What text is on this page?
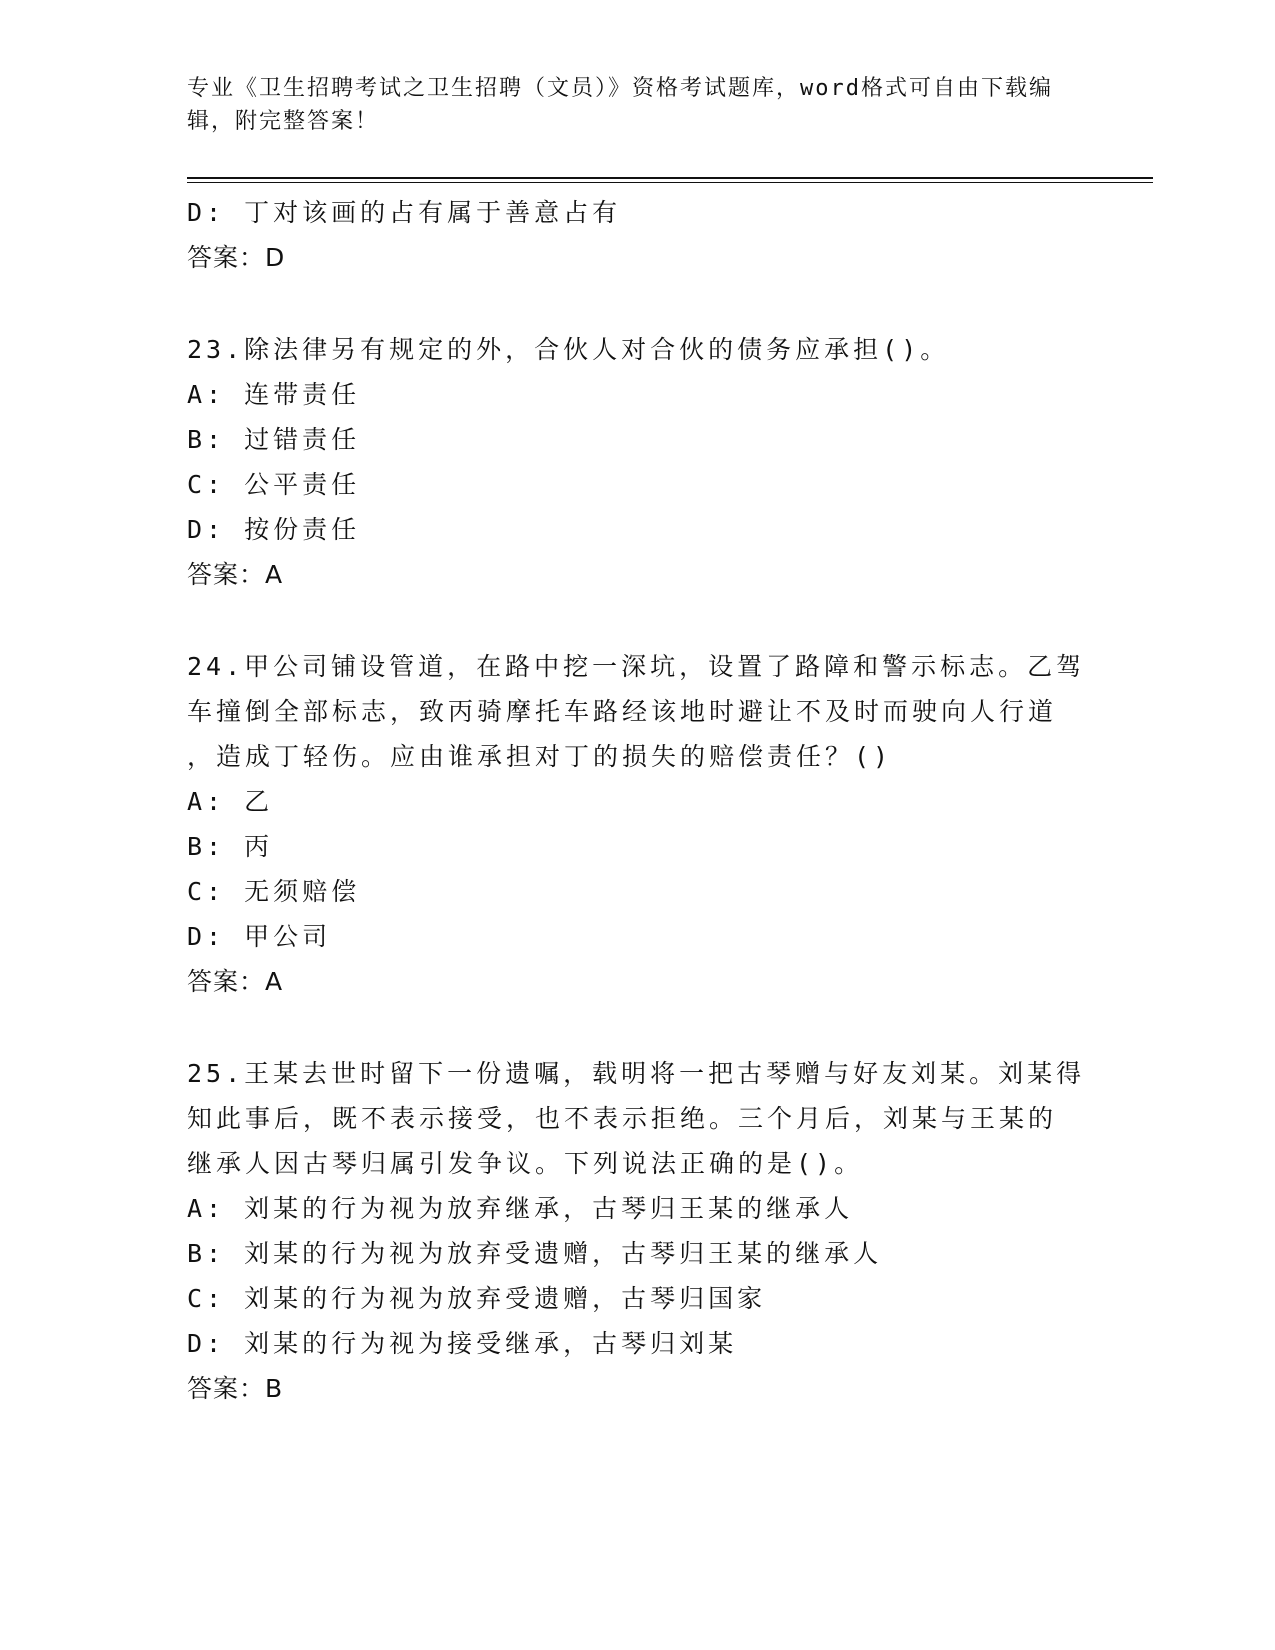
专业《卫生招聘考试之卫生招聘（文员）》资格考试题库，word格式可自由下载编辑，附完整答案！

D: 丁对该画的占有属于善意占有

答案：D

23.除法律另有规定的外，合伙人对合伙的债务应承担()。

A: 连带责任

B: 过错责任

C: 公平责任

D: 按份责任

答案：A

24.甲公司铺设管道，在路中挖一深坑，设置了路障和警示标志。乙驾

车撞倒全部标志，致丙骑摩托车路经该地时避让不及时而驶向人行道

，造成丁轻伤。应由谁承担对丁的损失的赔偿责任？()

A: 乙

B: 丙

C: 无须赔偿

D: 甲公司

答案：A

25.王某去世时留下一份遗嘱，载明将一把古琴赠与好友刘某。刘某得

知此事后，既不表示接受，也不表示拒绝。三个月后，刘某与王某的

继承人因古琴归属引发争议。下列说法正确的是()。

A: 刘某的行为视为放弃继承，古琴归王某的继承人

B: 刘某的行为视为放弃受遗赠，古琴归王某的继承人

C: 刘某的行为视为放弃受遗赠，古琴归国家

D: 刘某的行为视为接受继承，古琴归刘某

答案：B
